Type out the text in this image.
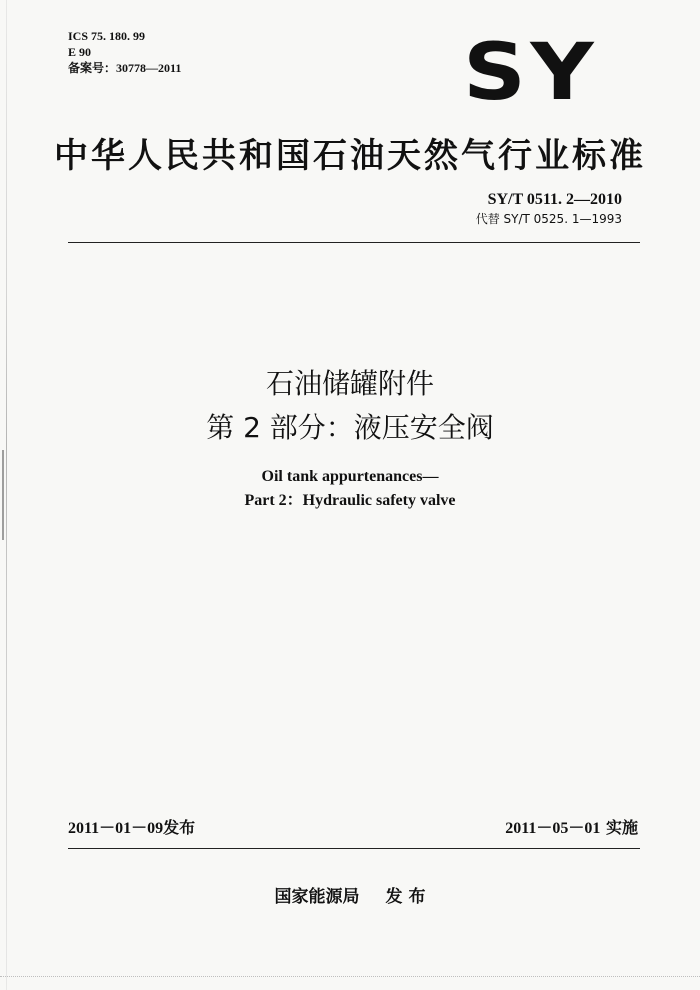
ICS 75. 180. 99
E 90
备案号：30778—2011	SY
中华人民共和国石油天然气行业标准
SY/T 0511. 2—2010
代替 SY/T 0525. 1—1993
石油储罐附件
第 2 部分：液压安全阀
Oil tank appurtenances—
Part 2：Hydraulic safety valve
2011－01－09发布	2011－05－01 实施
国家能源局 发 布
